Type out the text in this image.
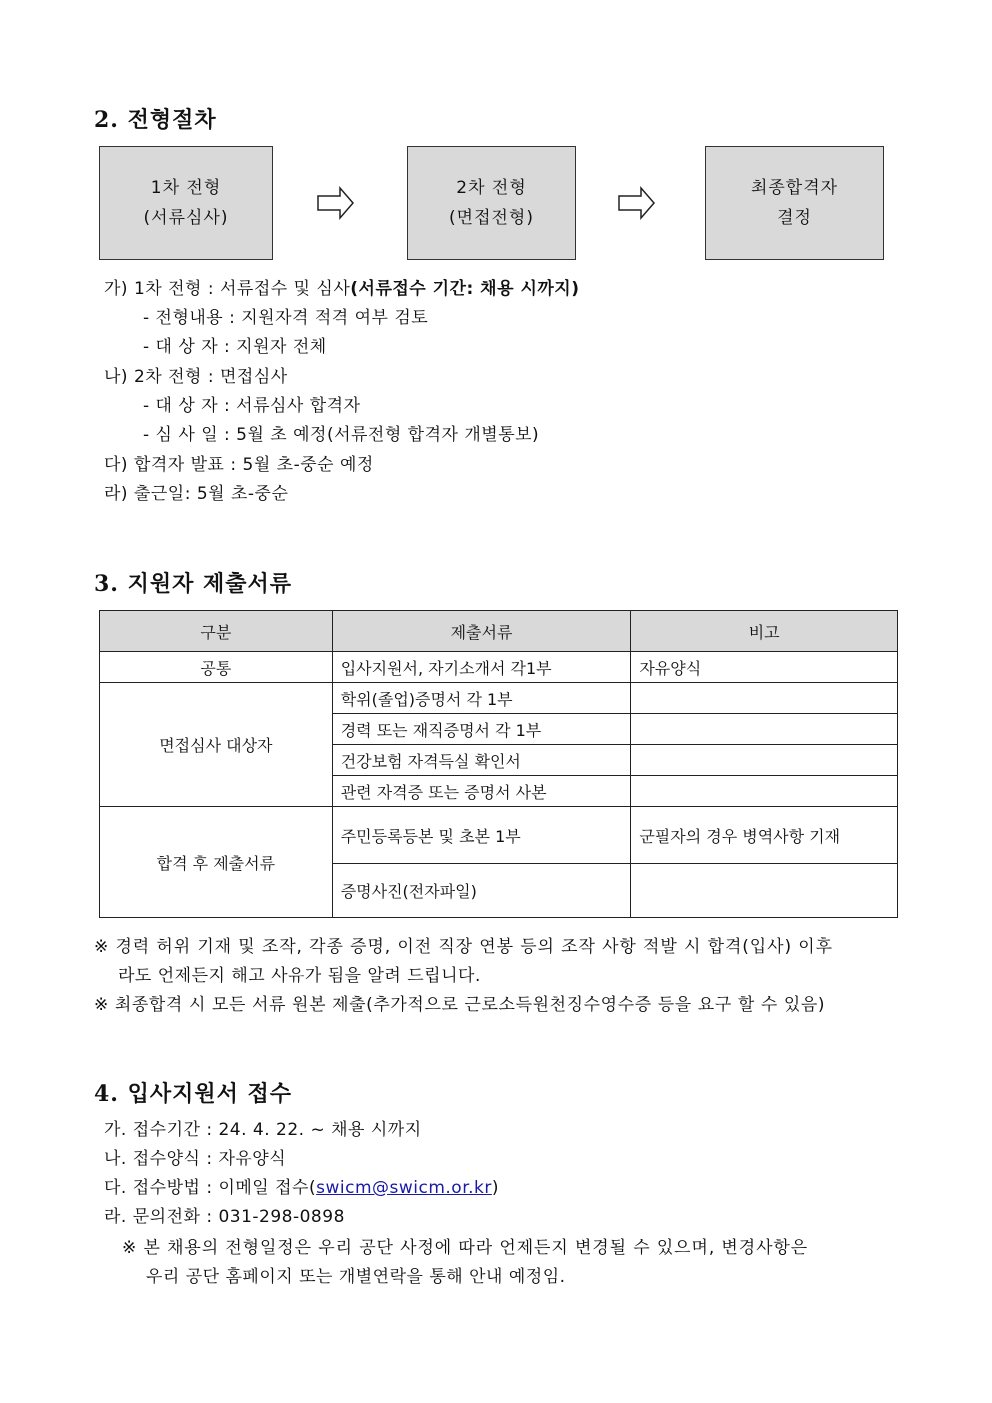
2. 전형절차
1차 전형
(서류심사)
2차 전형
(면접전형)
최종합격자
결정
가) 1차 전형 : 서류접수 및 심사(서류접수 기간: 채용 시까지)
- 전형내용 : 지원자격 적격 여부 검토
- 대 상 자 : 지원자 전체
나) 2차 전형 : 면접심사
- 대 상 자 : 서류심사 합격자
- 심 사 일 : 5월 초 예정(서류전형 합격자 개별통보)
다) 합격자 발표 : 5월 초-중순 예정
라) 출근일: 5월 초-중순
3. 지원자 제출서류
구분	제출서류	비고
공통	입사지원서, 자기소개서 각1부	자유양식
면접심사 대상자	학위(졸업)증명서 각 1부	
	경력 또는 재직증명서 각 1부	
	건강보험 자격득실 확인서	
	관련 자격증 또는 증명서 사본	
합격 후 제출서류	주민등록등본 및 초본 1부	군필자의 경우 병역사항 기재
	증명사진(전자파일)	
※ 경력 허위 기재 및 조작, 각종 증명, 이전 직장 연봉 등의 조작 사항 적발 시 합격(입사) 이후
라도 언제든지 해고 사유가 됨을 알려 드립니다.
※ 최종합격 시 모든 서류 원본 제출(추가적으로 근로소득원천징수영수증 등을 요구 할 수 있음)
4. 입사지원서 접수
가. 접수기간 : 24. 4. 22. ~ 채용 시까지
나. 접수양식 : 자유양식
다. 접수방법 : 이메일 접수(swicm@swicm.or.kr)
라. 문의전화 : 031-298-0898
※ 본 채용의 전형일정은 우리 공단 사정에 따라 언제든지 변경될 수 있으며, 변경사항은
우리 공단 홈페이지 또는 개별연락을 통해 안내 예정임.
